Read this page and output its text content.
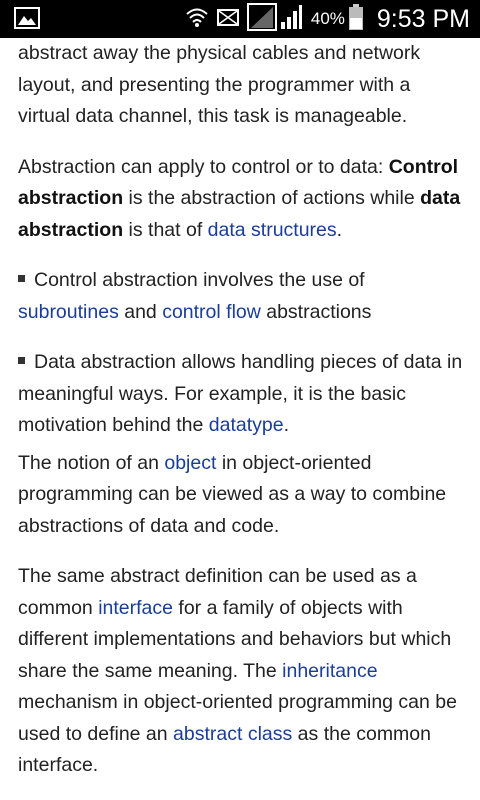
40% 9:53 PM

abstract away the physical cables and network layout, and presenting the programmer with a virtual data channel, this task is manageable.

Abstraction can apply to control or to data: Control abstraction is the abstraction of actions while data abstraction is that of data structures.

Control abstraction involves the use of subroutines and control flow abstractions

Data abstraction allows handling pieces of data in meaningful ways. For example, it is the basic motivation behind the datatype.

The notion of an object in object-oriented programming can be viewed as a way to combine abstractions of data and code.

The same abstract definition can be used as a common interface for a family of objects with different implementations and behaviors but which share the same meaning. The inheritance mechanism in object-oriented programming can be used to define an abstract class as the common interface.
